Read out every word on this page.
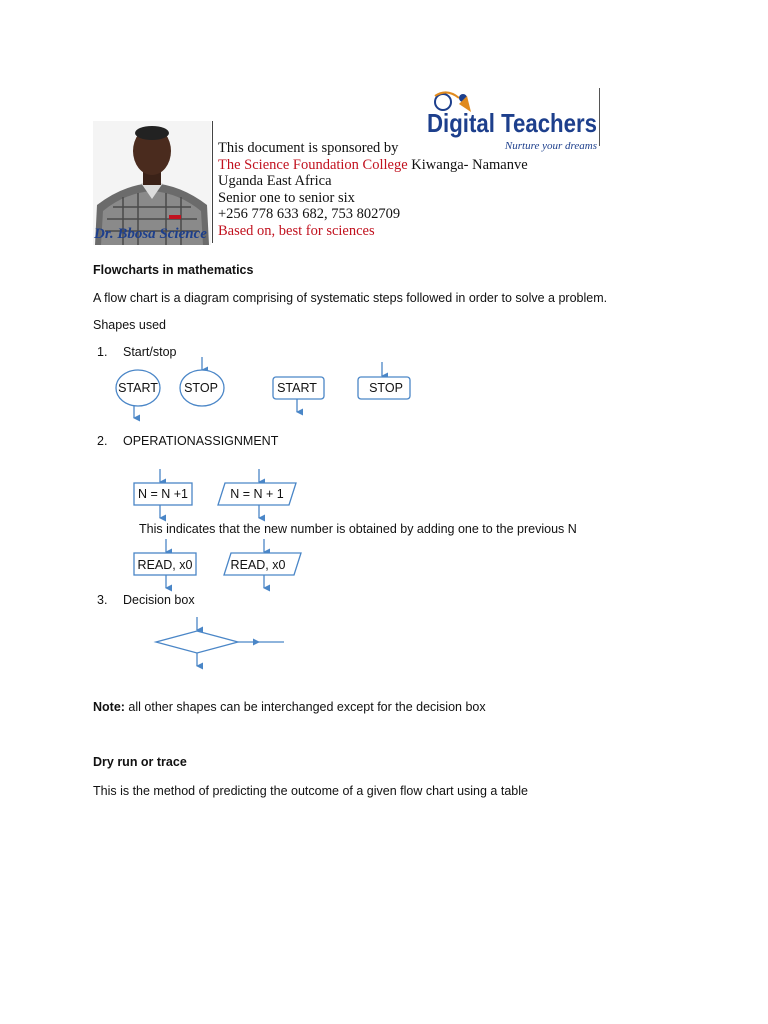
Digital Teachers
Nurture your dreams
This document is sponsored by
The Science Foundation College Kiwanga- Namanve
Uganda East Africa
Senior one to senior six
+256 778 633 682, 753 802709
Based on, best for sciences
Dr. Bbosa Science
Flowcharts in mathematics
A flow chart is a diagram comprising of systematic steps followed in order to solve a problem.
Shapes used
1. Start/stop
START STOP	START	STOP
N = N +1	N = N + 1
READ, x0	READ, x0
2. OPERATIONASSIGNMENT
This indicates that the new number is obtained by adding one to the previous N
3. Decision box
Note: all other shapes can be interchanged except for the decision box
Dry run or trace
This is the method of predicting the outcome of a given flow chart using a table
